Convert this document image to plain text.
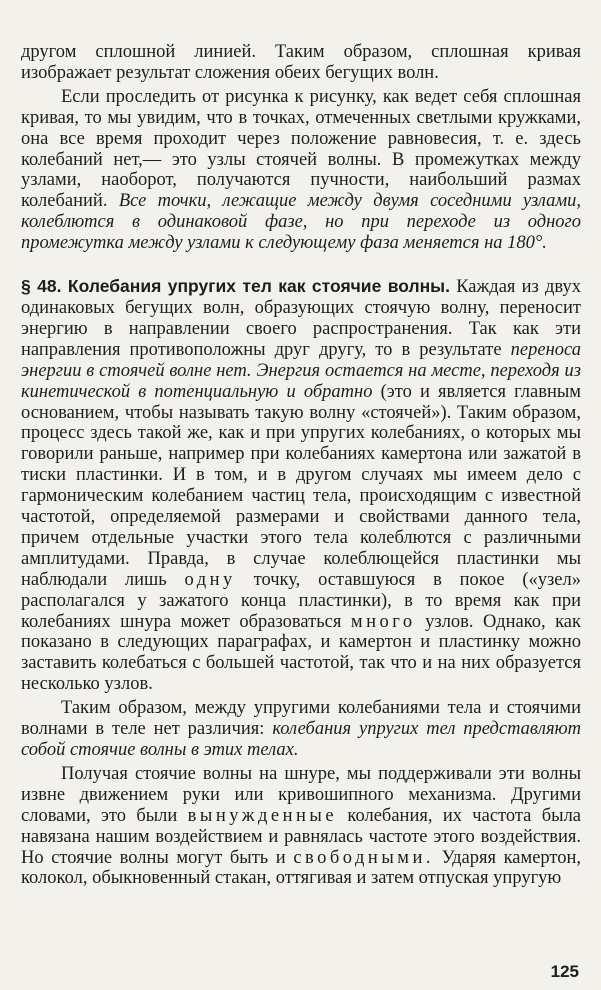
другом сплошной линией. Таким образом, сплошная кривая изображает результат сложения обеих бегущих волн.

Если проследить от рисунка к рисунку, как ведет себя сплошная кривая, то мы увидим, что в точках, отмеченных светлыми кружками, она все время проходит через положение равновесия, т. е. здесь колебаний нет,— это узлы стоячей волны. В промежутках между узлами, наоборот, получаются пучности, наибольший размах колебаний. Все точки, лежащие между двумя соседними узлами, колеблются в одинаковой фазе, но при переходе из одного промежутка между узлами к следующему фаза меняется на 180°.

§ 48. Колебания упругих тел как стоячие волны. Каждая из двух одинаковых бегущих волн, образующих стоячую волну, переносит энергию в направлении своего распространения. Так как эти направления противоположны друг другу, то в результате переноса энергии в стоячей волне нет. Энергия остается на месте, переходя из кинетической в потенциальную и обратно (это и является главным основанием, чтобы называть такую волну «стоячей»). Таким образом, процесс здесь такой же, как и при упругих колебаниях, о которых мы говорили раньше, например при колебаниях камертона или зажатой в тиски пластинки. И в том, и в другом случаях мы имеем дело с гармоническим колебанием частиц тела, происходящим с известной частотой, определяемой размерами и свойствами данного тела, причем отдельные участки этого тела колеблются с различными амплитудами. Правда, в случае колеблющейся пластинки мы наблюдали лишь одну точку, оставшуюся в покое («узел» располагался у зажатого конца пластинки), в то время как при колебаниях шнура может образоваться много узлов. Однако, как показано в следующих параграфах, и камертон и пластинку можно заставить колебаться с большей частотой, так что и на них образуется несколько узлов.

Таким образом, между упругими колебаниями тела и стоячими волнами в теле нет различия: колебания упругих тел представляют собой стоячие волны в этих телах.

Получая стоячие волны на шнуре, мы поддерживали эти волны извне движением руки или кривошипного механизма. Другими словами, это были вынужденные колебания, их частота была навязана нашим воздействием и равнялась частоте этого воздействия. Но стоячие волны могут быть и свободными. Ударяя камертон, колокол, обыкновенный стакан, оттягивая и затем отпуская упругую

125
